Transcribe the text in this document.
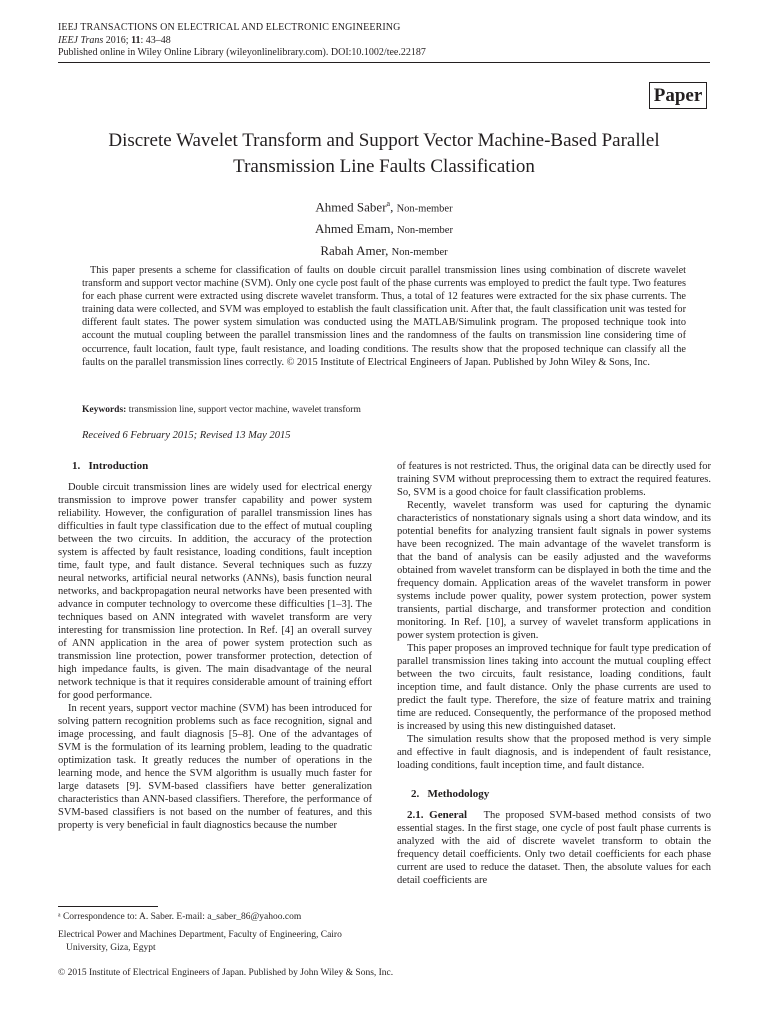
IEEJ TRANSACTIONS ON ELECTRICAL AND ELECTRONIC ENGINEERING
IEEJ Trans 2016; 11: 43–48
Published online in Wiley Online Library (wileyonlinelibrary.com). DOI:10.1002/tee.22187
Paper
Discrete Wavelet Transform and Support Vector Machine-Based Parallel Transmission Line Faults Classification
Ahmed Saber$^a$, Non-member
Ahmed Emam, Non-member
Rabah Amer, Non-member
This paper presents a scheme for classification of faults on double circuit parallel transmission lines using combination of discrete wavelet transform and support vector machine (SVM). Only one cycle post fault of the phase currents was employed to predict the fault type. Two features for each phase current were extracted using discrete wavelet transform. Thus, a total of 12 features were extracted for the six phase currents. The training data were collected, and SVM was employed to establish the fault classification unit. After that, the fault classification unit was tested for different fault states. The power system simulation was conducted using the MATLAB/Simulink program. The proposed technique took into account the mutual coupling between the parallel transmission lines and the randomness of the faults on transmission line considering time of occurrence, fault location, fault type, fault resistance, and loading conditions. The results show that the proposed technique can classify all the faults on the parallel transmission lines correctly. © 2015 Institute of Electrical Engineers of Japan. Published by John Wiley & Sons, Inc.
Keywords: transmission line, support vector machine, wavelet transform
Received 6 February 2015; Revised 13 May 2015
1. Introduction

Double circuit transmission lines are widely used for electrical energy transmission to improve power transfer capability and power system reliability. However, the configuration of parallel transmission lines has difficulties in fault type classification due to the effect of mutual coupling between the two circuits. In addition, the accuracy of the protection system is affected by fault resistance, loading conditions, fault inception time, fault type, and fault distance. Several techniques such as fuzzy neural networks, artificial neural networks (ANNs), basis function neural networks, and backpropagation neural networks have been presented with advance in computer technology to overcome these difficulties [1–3]. The techniques based on ANN integrated with wavelet transform are very interesting for transmission line protection. In Ref. [4] an overall survey of ANN application in the area of power system protection such as transmission line protection, power transformer protection, detection of high impedance faults, is given. The main disadvantage of the neural network technique is that it requires considerable amount of training effort for good performance.

In recent years, support vector machine (SVM) has been introduced for solving pattern recognition problems such as face recognition, signal and image processing, and fault diagnosis [5–8]. One of the advantages of SVM is the formulation of its learning problem, leading to the quadratic optimization task. It greatly reduces the number of operations in the learning mode, and hence the SVM algorithm is usually much faster for large datasets [9]. SVM-based classifiers have better generalization characteristics than ANN-based classifiers. Therefore, the performance of SVM-based classifiers is not based on the number of features, and this property is very beneficial in fault diagnostics because the number

of features is not restricted. Thus, the original data can be directly used for training SVM without preprocessing them to extract the required features. So, SVM is a good choice for fault classification problems.

Recently, wavelet transform was used for capturing the dynamic characteristics of nonstationary signals using a short data window, and its potential benefits for analyzing transient fault signals in power systems have been recognized. The main advantage of the wavelet transform is that the band of analysis can be easily adjusted and the waveforms obtained from wavelet transform can be displayed in both the time and the frequency domain. Application areas of the wavelet transform in power systems include power quality, power system protection, power system transients, partial discharge, and transformer protection and condition monitoring. In Ref. [10], a survey of wavelet transform applications in power system protection is given.

This paper proposes an improved technique for fault type predication of parallel transmission lines taking into account the mutual coupling effect between the two circuits, fault resistance, loading conditions, fault inception time, and fault distance. Only the phase currents are used to predict the fault type. Therefore, the size of feature matrix and training time are reduced. Consequently, the performance of the proposed method is increased by using this new distinguished dataset.

The simulation results show that the proposed method is very simple and effective in fault diagnosis, and is independent of fault resistance, loading conditions, fault inception time, and fault distance.

2. Methodology

2.1. General The proposed SVM-based method consists of two essential stages. In the first stage, one cycle of post fault phase currents is analyzed with the aid of discrete wavelet transform to obtain the frequency detail coefficients. Only two detail coefficients for each phase current are used to reduce the dataset. Then, the absolute values for each detail coefficients are

ᵃ Correspondence to: A. Saber. E-mail: a_saber_86@yahoo.com
Electrical Power and Machines Department, Faculty of Engineering, Cairo University, Giza, Egypt
© 2015 Institute of Electrical Engineers of Japan. Published by John Wiley & Sons, Inc.
